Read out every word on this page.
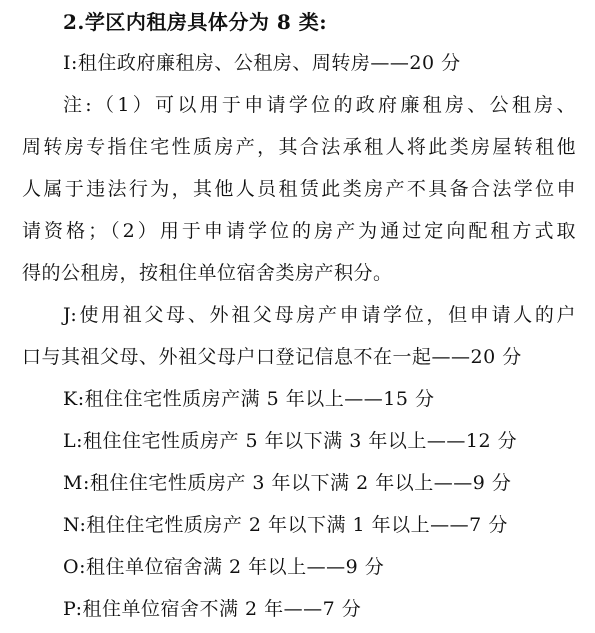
2.学区内租房具体分为 8 类:
I:租住政府廉租房、公租房、周转房——20 分
注:（1）可以用于申请学位的政府廉租房、公租房、
周转房专指住宅性质房产，其合法承租人将此类房屋转租他
人属于违法行为，其他人员租赁此类房产不具备合法学位申
请资格；（2）用于申请学位的房产为通过定向配租方式取
得的公租房，按租住单位宿舍类房产积分。
J:使用祖父母、外祖父母房产申请学位，但申请人的户
口与其祖父母、外祖父母户口登记信息不在一起——20 分
K:租住住宅性质房产满 5 年以上——15 分
L:租住住宅性质房产 5 年以下满 3 年以上——12 分
M:租住住宅性质房产 3 年以下满 2 年以上——9 分
N:租住住宅性质房产 2 年以下满 1 年以上——7 分
O:租住单位宿舍满 2 年以上——9 分
P:租住单位宿舍不满 2 年——7 分
